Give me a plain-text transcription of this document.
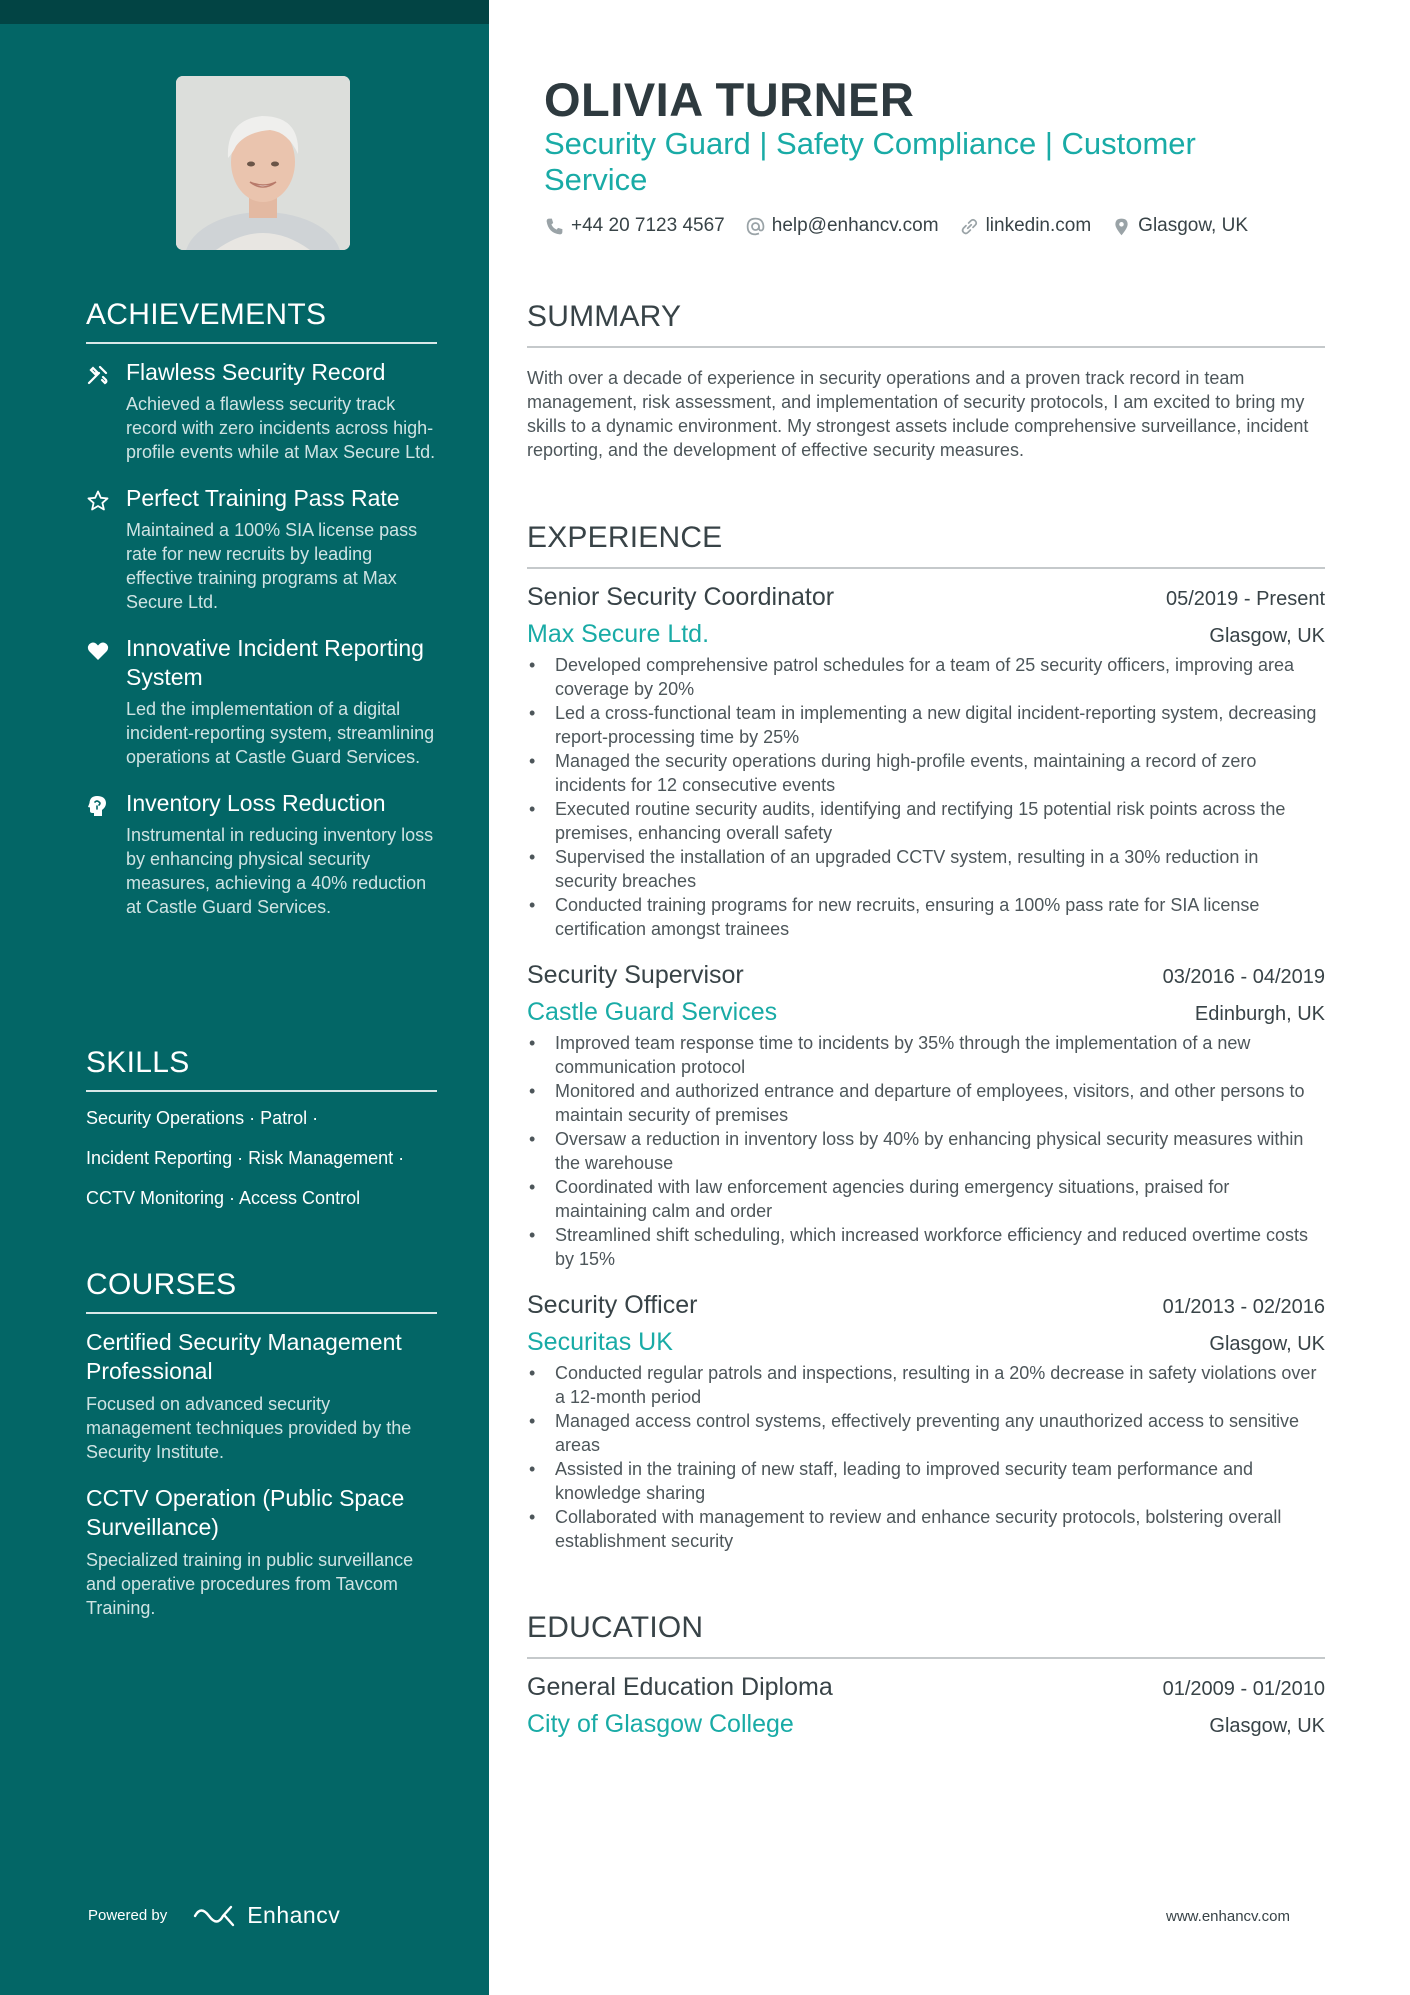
ACHIEVEMENTS
Flawless Security Record
Achieved a flawless security track record with zero incidents across high-profile events while at Max Secure Ltd.
Perfect Training Pass Rate
Maintained a 100% SIA license pass rate for new recruits by leading effective training programs at Max Secure Ltd.
Innovative Incident Reporting System
Led the implementation of a digital incident-reporting system, streamlining operations at Castle Guard Services.
Inventory Loss Reduction
Instrumental in reducing inventory loss by enhancing physical security measures, achieving a 40% reduction at Castle Guard Services.
SKILLS
Security Operations · Patrol ·
Incident Reporting · Risk Management ·
CCTV Monitoring · Access Control
COURSES
Certified Security Management Professional
Focused on advanced security management techniques provided by the Security Institute.
CCTV Operation (Public Space Surveillance)
Specialized training in public surveillance and operative procedures from Tavcom Training.
Powered by	Enhancv
OLIVIA TURNER
Security Guard | Safety Compliance | Customer Service
+44 20 7123 4567 help@enhancv.com linkedin.com Glasgow, UK
SUMMARY

With over a decade of experience in security operations and a proven track record in team management, risk assessment, and implementation of security protocols, I am excited to bring my skills to a dynamic environment. My strongest assets include comprehensive surveillance, incident reporting, and the development of effective security measures.

EXPERIENCE
Senior Security Coordinator	05/2019 - Present
Max Secure Ltd.	Glasgow, UK
• Developed comprehensive patrol schedules for a team of 25 security officers, improving area coverage by 20%
• Led a cross-functional team in implementing a new digital incident-reporting system, decreasing report-processing time by 25%
• Managed the security operations during high-profile events, maintaining a record of zero incidents for 12 consecutive events
• Executed routine security audits, identifying and rectifying 15 potential risk points across the premises, enhancing overall safety
• Supervised the installation of an upgraded CCTV system, resulting in a 30% reduction in security breaches
• Conducted training programs for new recruits, ensuring a 100% pass rate for SIA license certification amongst trainees
Security Supervisor	03/2016 - 04/2019
Castle Guard Services	Edinburgh, UK
• Improved team response time to incidents by 35% through the implementation of a new communication protocol
• Monitored and authorized entrance and departure of employees, visitors, and other persons to maintain security of premises
• Oversaw a reduction in inventory loss by 40% by enhancing physical security measures within the warehouse
• Coordinated with law enforcement agencies during emergency situations, praised for maintaining calm and order
• Streamlined shift scheduling, which increased workforce efficiency and reduced overtime costs by 15%
Security Officer	01/2013 - 02/2016
Securitas UK	Glasgow, UK
• Conducted regular patrols and inspections, resulting in a 20% decrease in safety violations over a 12-month period
• Managed access control systems, effectively preventing any unauthorized access to sensitive areas
• Assisted in the training of new staff, leading to improved security team performance and knowledge sharing
• Collaborated with management to review and enhance security protocols, bolstering overall establishment security
EDUCATION
General Education Diploma	01/2009 - 01/2010
City of Glasgow College	Glasgow, UK
www.enhancv.com
